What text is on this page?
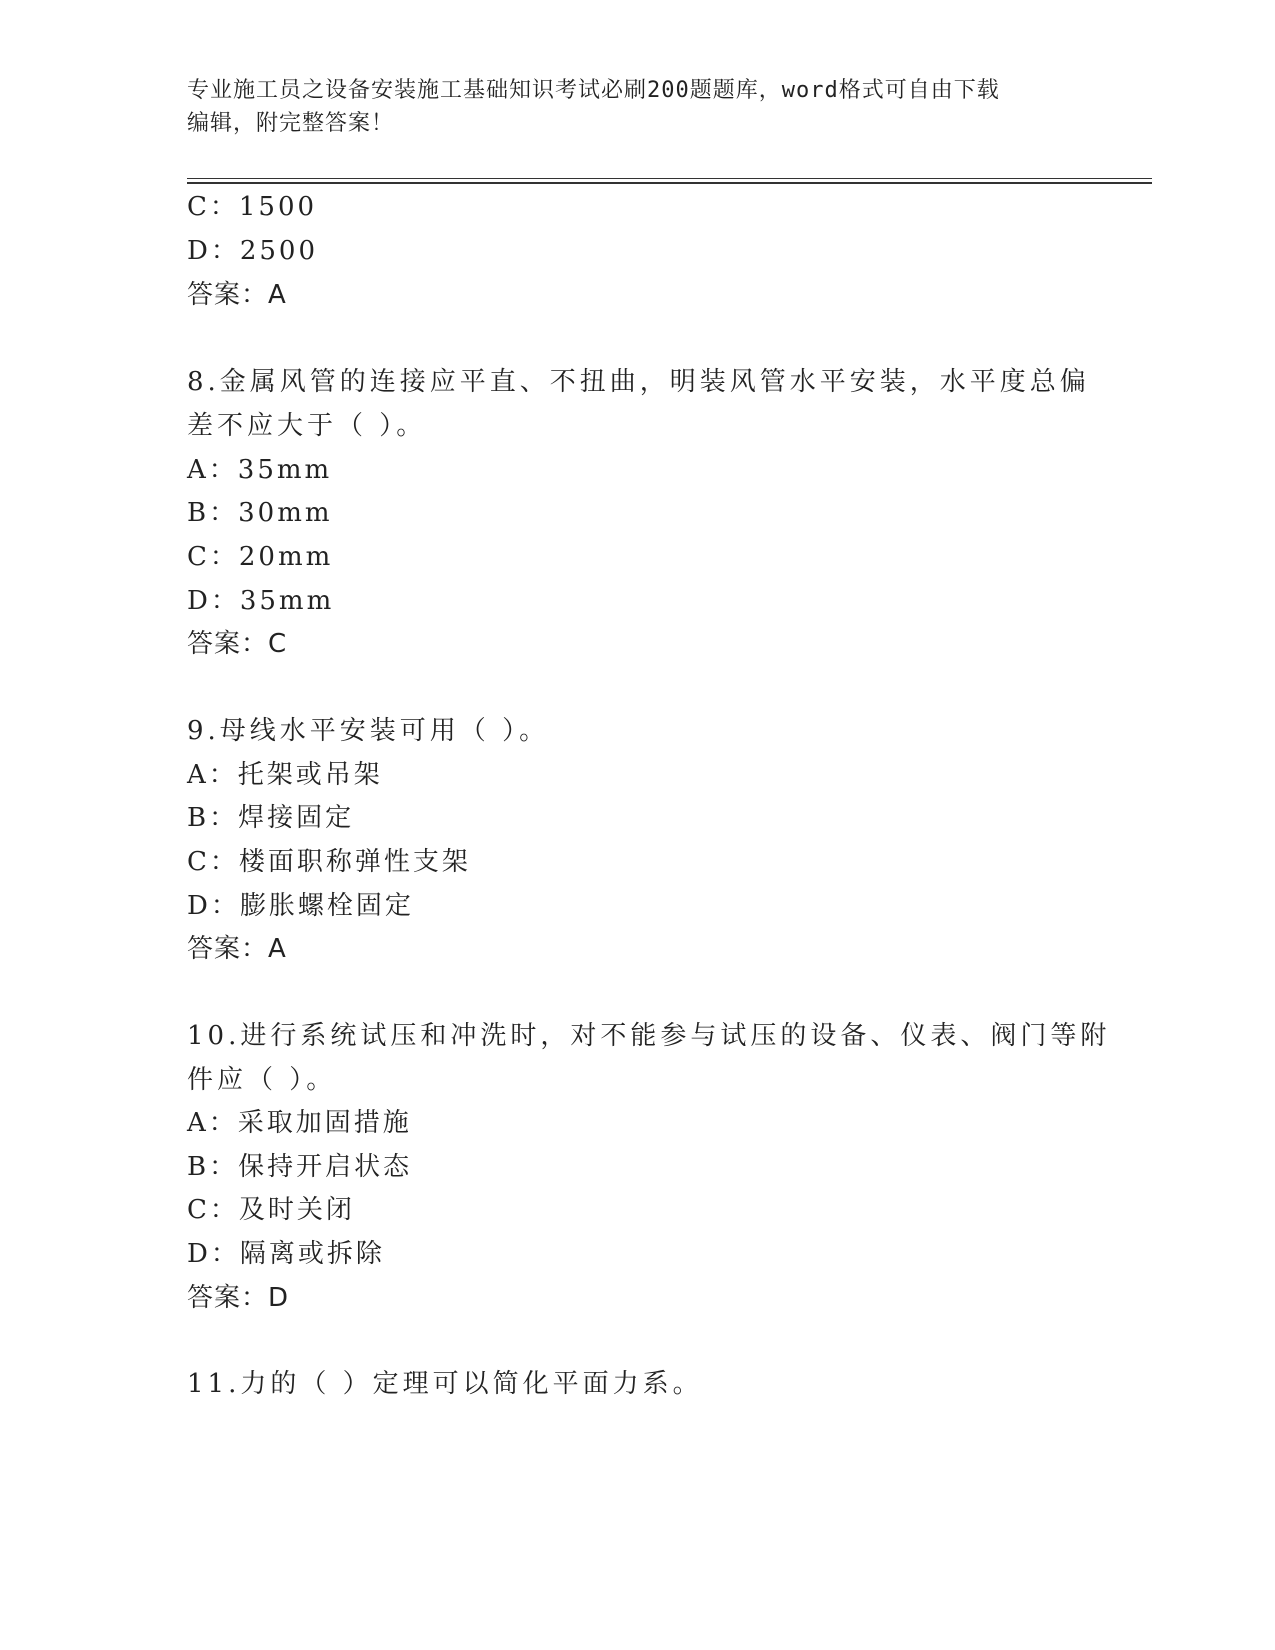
专业施工员之设备安装施工基础知识考试必刷200题题库，word格式可自由下载
编辑，附完整答案！
C：1500
D：2500
答案：A
8.金属风管的连接应平直、不扭曲，明装风管水平安装，水平度总偏
差不应大于（ ）。
A：35mm
B：30mm
C：20mm
D：35mm
答案：C
9.母线水平安装可用（ ）。
A：托架或吊架
B：焊接固定
C：楼面职称弹性支架
D：膨胀螺栓固定
答案：A
10.进行系统试压和冲洗时，对不能参与试压的设备、仪表、阀门等附
件应（ ）。
A：采取加固措施
B：保持开启状态
C：及时关闭
D：隔离或拆除
答案：D
11.力的（ ）定理可以简化平面力系。
